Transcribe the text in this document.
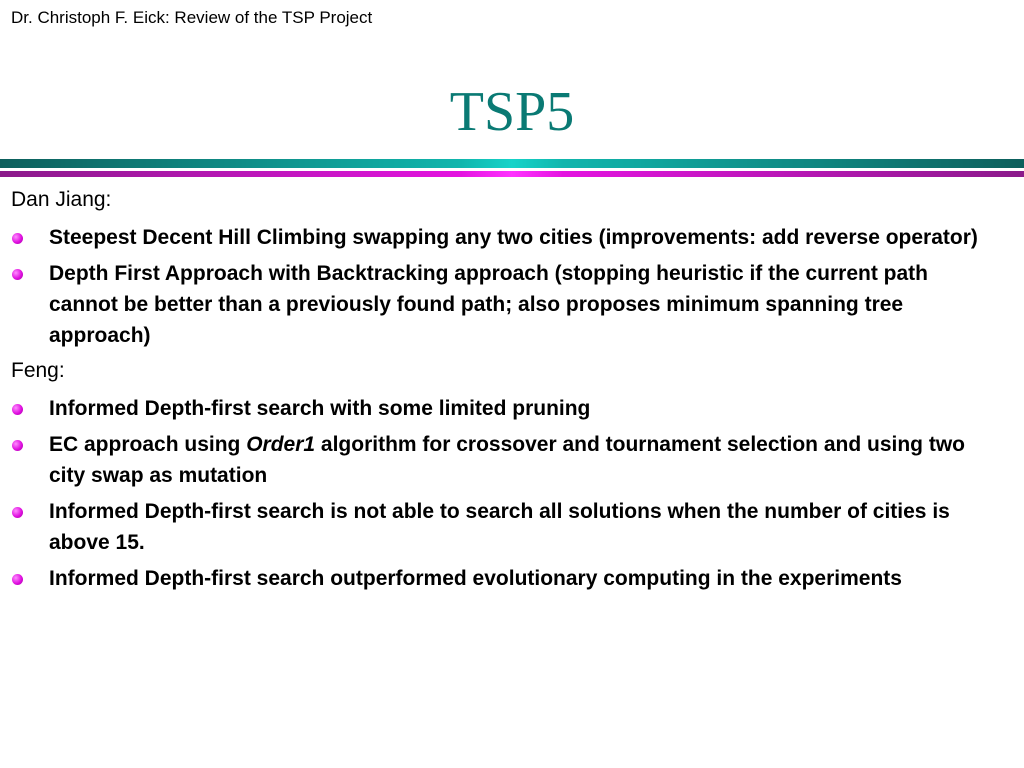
Dr. Christoph F. Eick: Review of the TSP Project
TSP5
Dan Jiang:
Steepest Decent Hill Climbing swapping any two cities (improvements: add reverse operator)
Depth First Approach with Backtracking approach (stopping heuristic if the current path cannot be better than a previously found path; also proposes minimum spanning tree approach)
Feng:
Informed Depth-first search with some limited pruning
EC approach using Order1 algorithm for crossover and tournament selection and using two city swap as mutation
Informed Depth-first search is not able to search all solutions when the number of cities is above 15.
Informed Depth-first search outperformed evolutionary computing in the experiments
